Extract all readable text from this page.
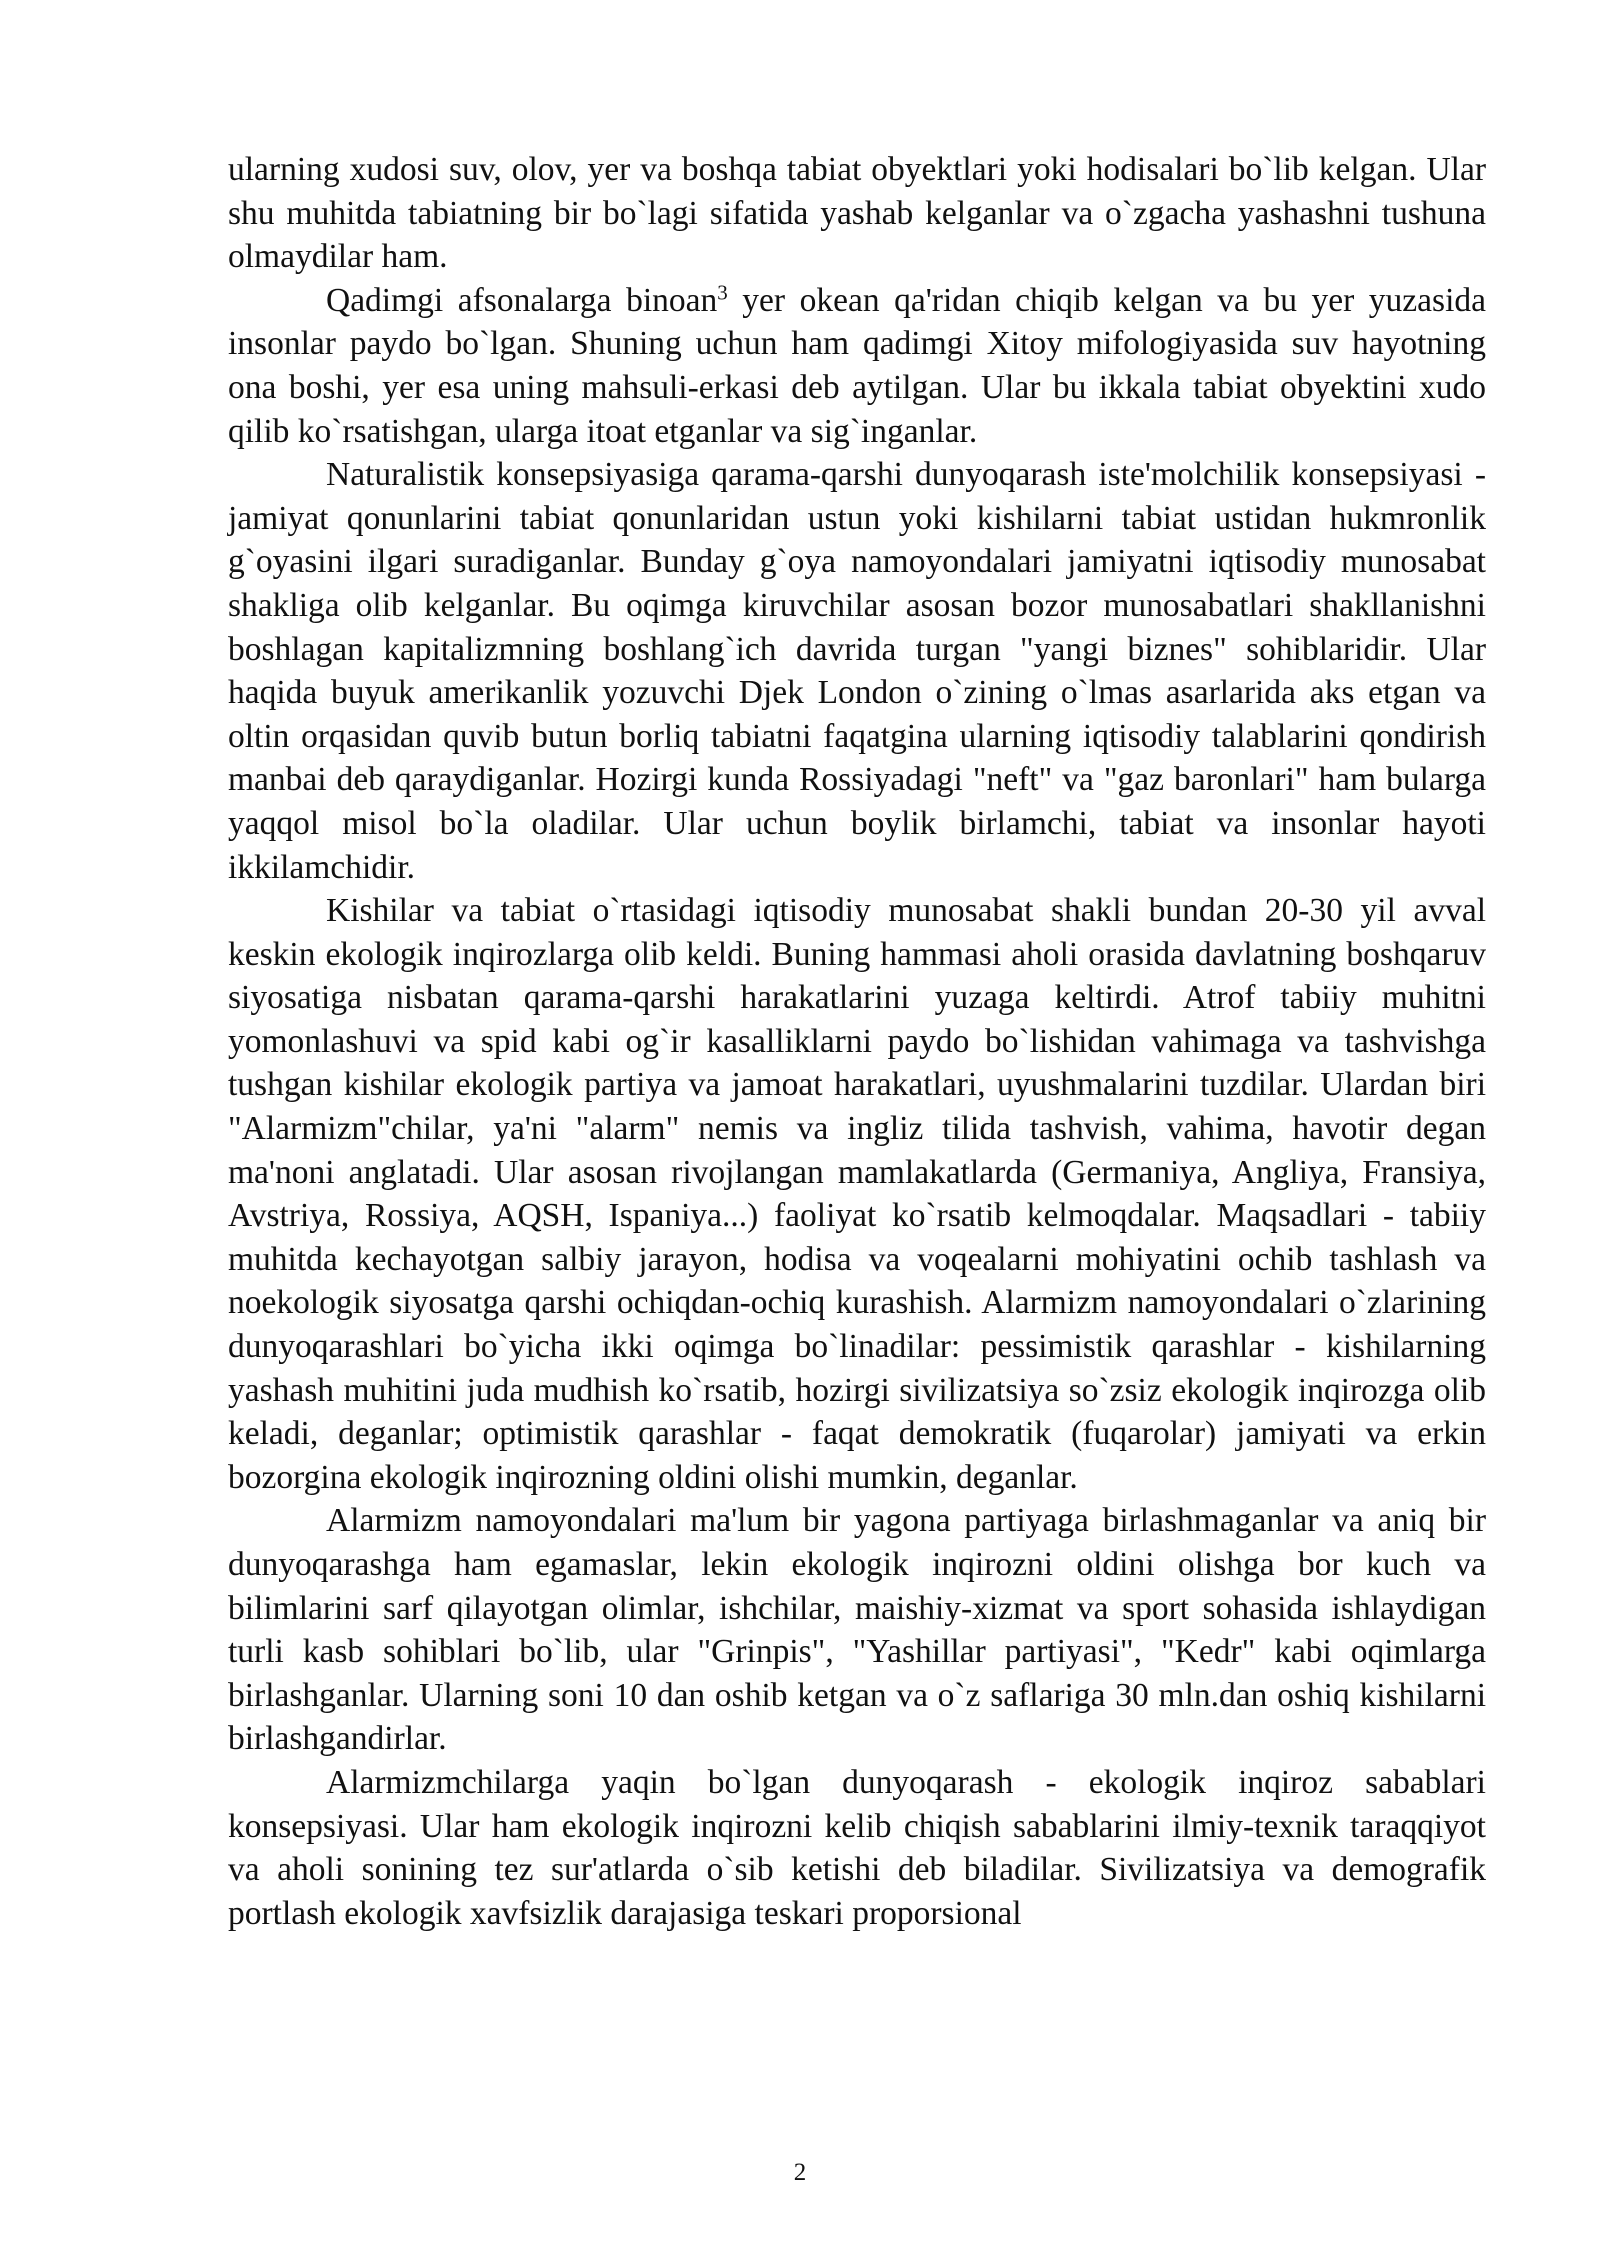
ularning xudosi suv, olov, yer va boshqa tabiat obyektlari yoki hodisalari bo`lib kelgan. Ular shu muhitda tabiatning bir bo`lagi sifatida yashab kelganlar va o`zgacha yashashni tushuna olmaydilar ham.

Qadimgi afsonalarga binoan$^3$ yer okean qa'ridan chiqib kelgan va bu yer yuzasida insonlar paydo bo`lgan. Shuning uchun ham qadimgi Xitoy mifologiyasida suv hayotning ona boshi, yer esa uning mahsuli-erkasi deb aytilgan. Ular bu ikkala tabiat obyektini xudo qilib ko`rsatishgan, ularga itoat etganlar va sig`inganlar.

Naturalistik konsepsiyasiga qarama-qarshi dunyoqarash iste'molchilik konsepsiyasi - jamiyat qonunlarini tabiat qonunlaridan ustun yoki kishilarni tabiat ustidan hukmronlik g`oyasini ilgari suradiganlar. Bunday g`oya namoyondalari jamiyatni iqtisodiy munosabat shakliga olib kelganlar. Bu oqimga kiruvchilar asosan bozor munosabatlari shakllanishni boshlagan kapitalizmning boshlang`ich davrida turgan "yangi biznes" sohiblaridir. Ular haqida buyuk amerikanlik yozuvchi Djek London o`zining o`lmas asarlarida aks etgan va oltin orqasidan quvib butun borliq tabiatni faqatgina ularning iqtisodiy talablarini qondirish manbai deb qaraydiganlar. Hozirgi kunda Rossiyadagi "neft" va "gaz baronlari" ham bularga yaqqol misol bo`la oladilar. Ular uchun boylik birlamchi, tabiat va insonlar hayoti ikkilamchidir.

Kishilar va tabiat o`rtasidagi iqtisodiy munosabat shakli bundan 20-30 yil avval keskin ekologik inqirozlarga olib keldi. Buning hammasi aholi orasida davlatning boshqaruv siyosatiga nisbatan qarama-qarshi harakatlarini yuzaga keltirdi. Atrof tabiiy muhitni yomonlashuvi va spid kabi og`ir kasalliklarni paydo bo`lishidan vahimaga va tashvishga tushgan kishilar ekologik partiya va jamoat harakatlari, uyushmalarini tuzdilar. Ulardan biri "Alarmizm"chilar, ya'ni "alarm" nemis va ingliz tilida tashvish, vahima, havotir degan ma'noni anglatadi. Ular asosan rivojlangan mamlakatlarda (Germaniya, Angliya, Fransiya, Avstriya, Rossiya, AQSH, Ispaniya...) faoliyat ko`rsatib kelmoqdalar. Maqsadlari - tabiiy muhitda kechayotgan salbiy jarayon, hodisa va voqealarni mohiyatini ochib tashlash va noekologik siyosatga qarshi ochiqdan-ochiq kurashish. Alarmizm namoyondalari o`zlarining dunyoqarashlari bo`yicha ikki oqimga bo`linadilar: pessimistik qarashlar - kishilarning yashash muhitini juda mudhish ko`rsatib, hozirgi sivilizatsiya so`zsiz ekologik inqirozga olib keladi, deganlar; optimistik qarashlar - faqat demokratik (fuqarolar) jamiyati va erkin bozorgina ekologik inqirozning oldini olishi mumkin, deganlar.

Alarmizm namoyondalari ma'lum bir yagona partiyaga birlashmaganlar va aniq bir dunyoqarashga ham egamaslar, lekin ekologik inqirozni oldini olishga bor kuch va bilimlarini sarf qilayotgan olimlar, ishchilar, maishiy-xizmat va sport sohasida ishlaydigan turli kasb sohiblari bo`lib, ular "Grinpis", "Yashillar partiyasi", "Kedr" kabi oqimlarga birlashganlar. Ularning soni 10 dan oshib ketgan va o`z saflariga 30 mln.dan oshiq kishilarni birlashgandirlar.

Alarmizmchilarga yaqin bo`lgan dunyoqarash - ekologik inqiroz sabablari konsepsiyasi. Ular ham ekologik inqirozni kelib chiqish sabablarini ilmiy-texnik taraqqiyot va aholi sonining tez sur'atlarda o`sib ketishi deb biladilar. Sivilizatsiya va demografik portlash ekologik xavfsizlik darajasiga teskari proporsional

2
